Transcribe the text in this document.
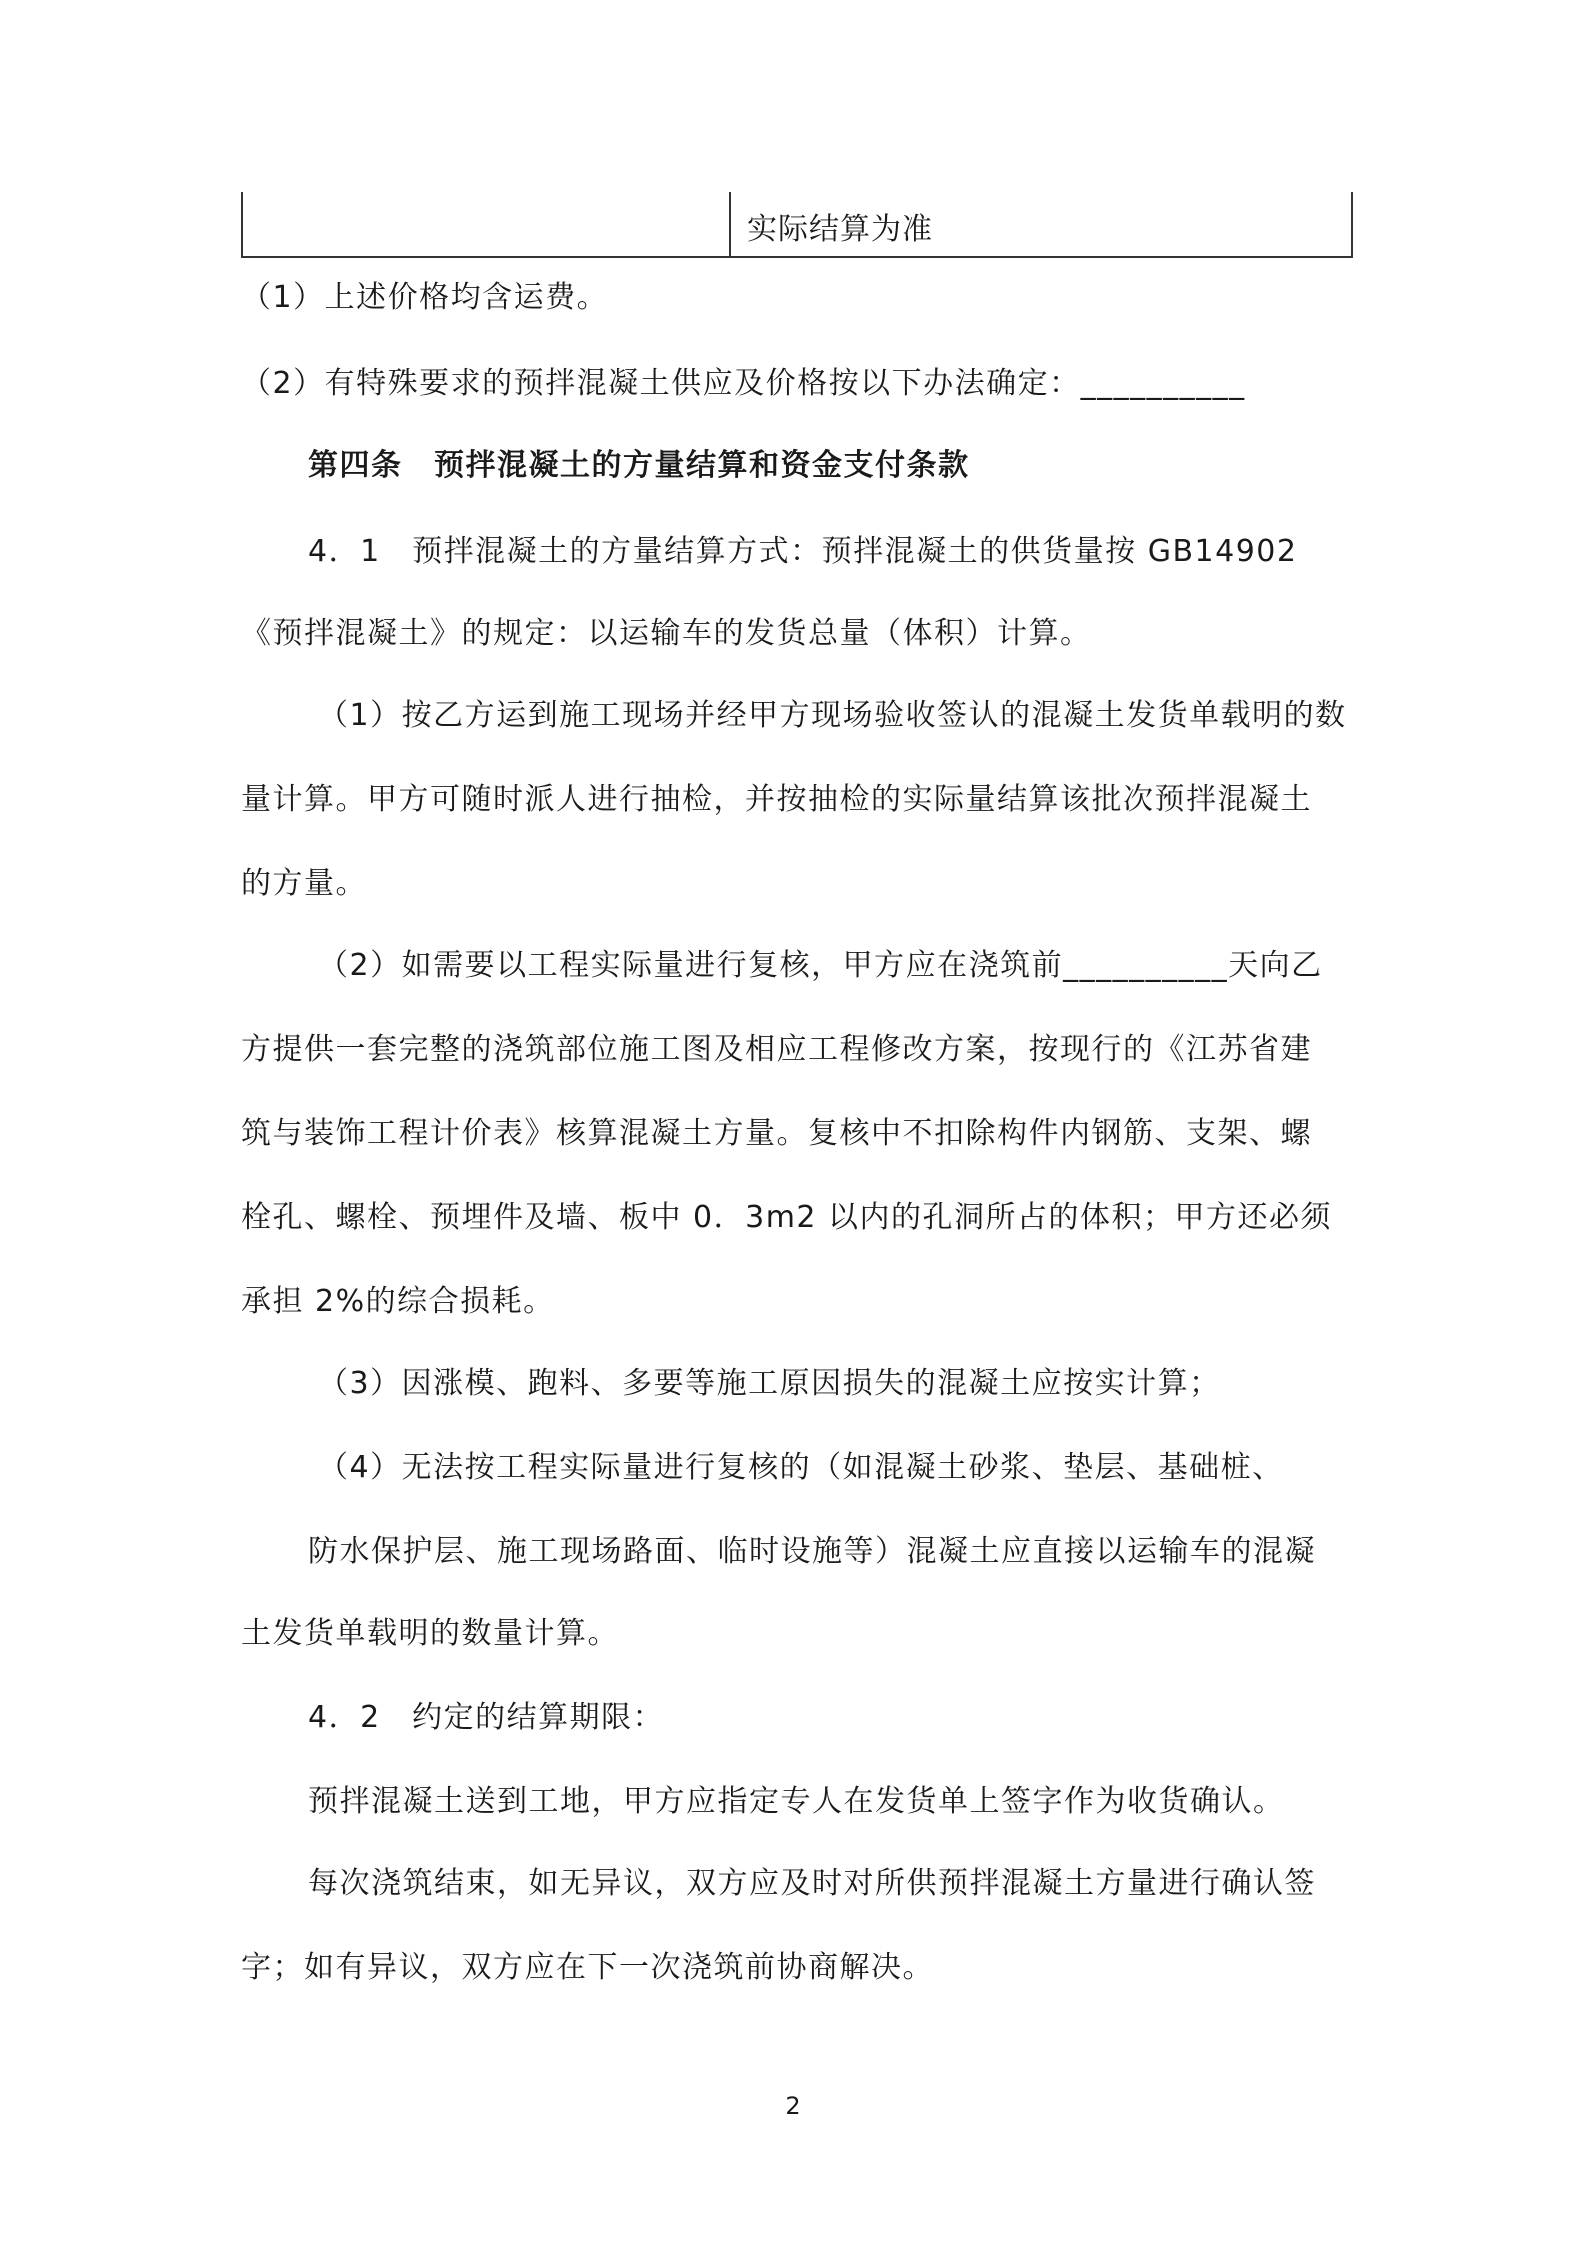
实际结算为准
（1）上述价格均含运费。
（2）有特殊要求的预拌混凝土供应及价格按以下办法确定：__________
第四条　预拌混凝土的方量结算和资金支付条款
4．1　预拌混凝土的方量结算方式：预拌混凝土的供货量按 GB14902
《预拌混凝土》的规定：以运输车的发货总量（体积）计算。
（1）按乙方运到施工现场并经甲方现场验收签认的混凝土发货单载明的数
量计算。甲方可随时派人进行抽检，并按抽检的实际量结算该批次预拌混凝土
的方量。
（2）如需要以工程实际量进行复核，甲方应在浇筑前__________天向乙
方提供一套完整的浇筑部位施工图及相应工程修改方案，按现行的《江苏省建
筑与装饰工程计价表》核算混凝土方量。复核中不扣除构件内钢筋、支架、螺
栓孔、螺栓、预埋件及墙、板中 0．3m2 以内的孔洞所占的体积；甲方还必须
承担 2%的综合损耗。
（3）因涨模、跑料、多要等施工原因损失的混凝土应按实计算；
（4）无法按工程实际量进行复核的（如混凝土砂浆、垫层、基础桩、
防水保护层、施工现场路面、临时设施等）混凝土应直接以运输车的混凝
土发货单载明的数量计算。
4．2　约定的结算期限：
预拌混凝土送到工地，甲方应指定专人在发货单上签字作为收货确认。
每次浇筑结束，如无异议，双方应及时对所供预拌混凝土方量进行确认签
字；如有异议，双方应在下一次浇筑前协商解决。
2
